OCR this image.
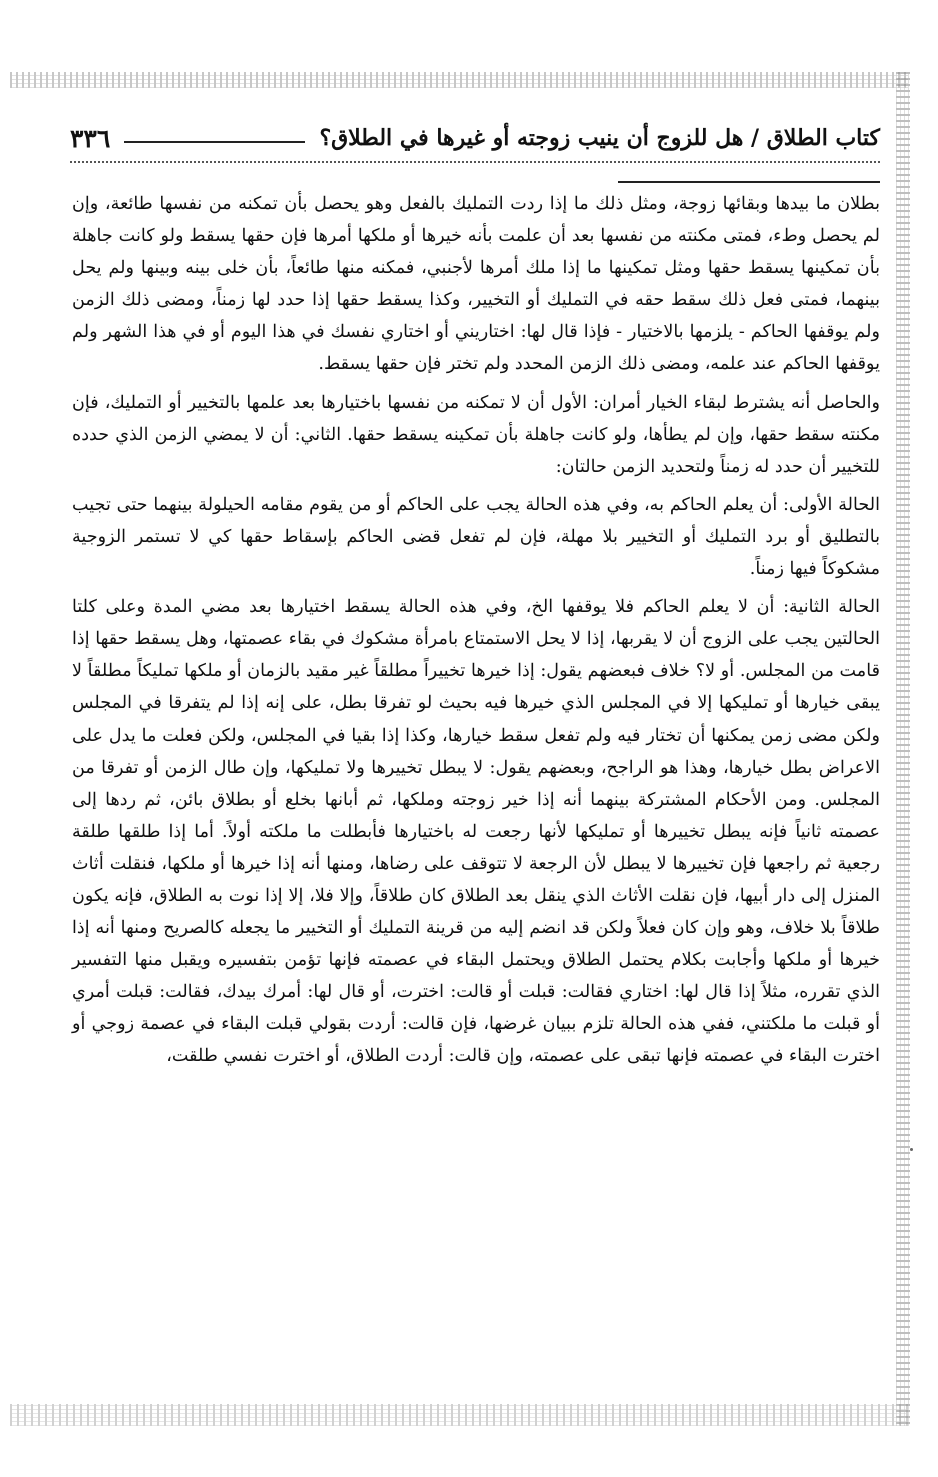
كتاب الطلاق / هل للزوج أن ينيب زوجته أو غيرها في الطلاق؟
٣٣٦

بطلان ما بيدها وبقائها زوجة، ومثل ذلك ما إذا ردت التمليك بالفعل وهو يحصل بأن تمكنه من نفسها طائعة، وإن لم يحصل وطء، فمتى مكنته من نفسها بعد أن علمت بأنه خيرها أو ملكها أمرها فإن حقها يسقط ولو كانت جاهلة بأن تمكينها يسقط حقها ومثل تمكينها ما إذا ملك أمرها لأجنبي، فمكنه منها طائعاً، بأن خلى بينه وبينها ولم يحل بينهما، فمتى فعل ذلك سقط حقه في التمليك أو التخيير، وكذا يسقط حقها إذا حدد لها زمناً، ومضى ذلك الزمن ولم يوقفها الحاكم - يلزمها بالاختيار - فإذا قال لها: اختاريني أو اختاري نفسك في هذا اليوم أو في هذا الشهر ولم يوقفها الحاكم عند علمه، ومضى ذلك الزمن المحدد ولم تختر فإن حقها يسقط.

والحاصل أنه يشترط لبقاء الخيار أمران: الأول أن لا تمكنه من نفسها باختيارها بعد علمها بالتخيير أو التمليك، فإن مكنته سقط حقها، وإن لم يطأها، ولو كانت جاهلة بأن تمكينه يسقط حقها. الثاني: أن لا يمضي الزمن الذي حدده للتخيير أن حدد له زمناً ولتحديد الزمن حالتان:

الحالة الأولى: أن يعلم الحاكم به، وفي هذه الحالة يجب على الحاكم أو من يقوم مقامه الحيلولة بينهما حتى تجيب بالتطليق أو برد التمليك أو التخيير بلا مهلة، فإن لم تفعل قضى الحاكم بإسقاط حقها كي لا تستمر الزوجية مشكوكاً فيها زمناً.

الحالة الثانية: أن لا يعلم الحاكم فلا يوقفها الخ، وفي هذه الحالة يسقط اختيارها بعد مضي المدة وعلى كلتا الحالتين يجب على الزوج أن لا يقربها، إذا لا يحل الاستمتاع بامرأة مشكوك في بقاء عصمتها، وهل يسقط حقها إذا قامت من المجلس. أو لا؟ خلاف فبعضهم يقول: إذا خيرها تخييراً مطلقاً غير مقيد بالزمان أو ملكها تمليكاً مطلقاً لا يبقى خيارها أو تمليكها إلا في المجلس الذي خيرها فيه بحيث لو تفرقا بطل، على إنه إذا لم يتفرقا في المجلس ولكن مضى زمن يمكنها أن تختار فيه ولم تفعل سقط خيارها، وكذا إذا بقيا في المجلس، ولكن فعلت ما يدل على الاعراض بطل خيارها، وهذا هو الراجح، وبعضهم يقول: لا يبطل تخييرها ولا تمليكها، وإن طال الزمن أو تفرقا من المجلس. ومن الأحكام المشتركة بينهما أنه إذا خير زوجته وملكها، ثم أبانها بخلع أو بطلاق بائن، ثم ردها إلى عصمته ثانياً فإنه يبطل تخييرها أو تمليكها لأنها رجعت له باختيارها فأبطلت ما ملكته أولاً. أما إذا طلقها طلقة رجعية ثم راجعها فإن تخييرها لا يبطل لأن الرجعة لا تتوقف على رضاها، ومنها أنه إذا خيرها أو ملكها، فنقلت أثاث المنزل إلى دار أبيها، فإن نقلت الأثاث الذي ينقل بعد الطلاق كان طلاقاً، وإلا فلا، إلا إذا نوت به الطلاق، فإنه يكون طلاقاً بلا خلاف، وهو وإن كان فعلاً ولكن قد انضم إليه من قرينة التمليك أو التخيير ما يجعله كالصريح ومنها أنه إذا خيرها أو ملكها وأجابت بكلام يحتمل الطلاق ويحتمل البقاء في عصمته فإنها تؤمن بتفسيره ويقبل منها التفسير الذي تقرره، مثلاً إذا قال لها: اختاري فقالت: قبلت أو قالت: اخترت، أو قال لها: أمرك بيدك، فقالت: قبلت أمري أو قبلت ما ملكتني، ففي هذه الحالة تلزم ببيان غرضها، فإن قالت: أردت بقولي قبلت البقاء في عصمة زوجي أو اخترت البقاء في عصمته فإنها تبقى على عصمته، وإن قالت: أردت الطلاق، أو اخترت نفسي طلقت،
